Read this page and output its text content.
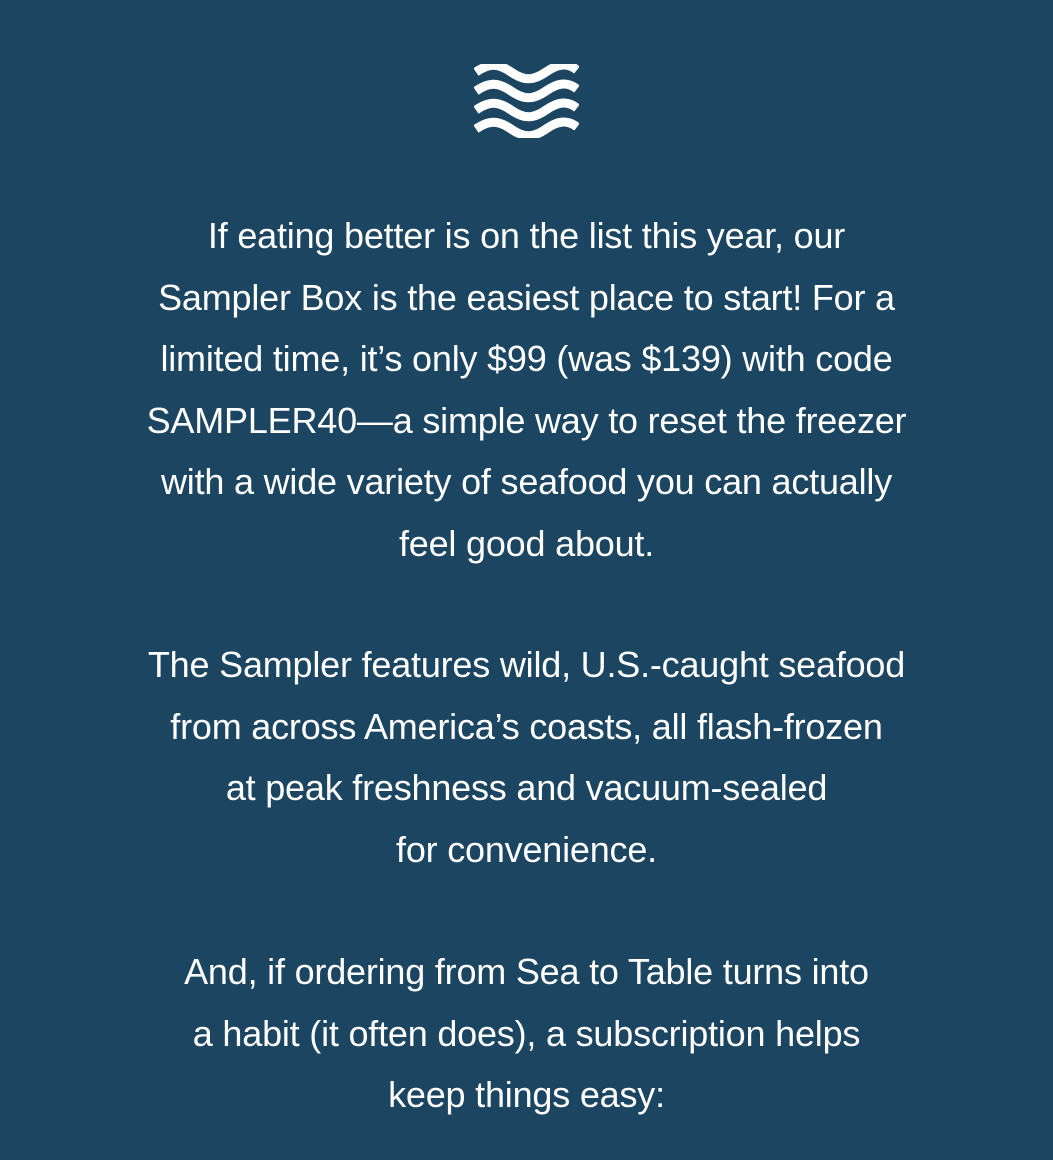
If eating better is on the list this year, our
Sampler Box is the easiest place to start! For a
limited time, it’s only $99 (was $139) with code
SAMPLER40—a simple way to reset the freezer
with a wide variety of seafood you can actually
feel good about.

The Sampler features wild, U.S.-caught seafood
from across America’s coasts, all flash-frozen
at peak freshness and vacuum-sealed
for convenience.

And, if ordering from Sea to Table turns into
a habit (it often does), a subscription helps
keep things easy:
